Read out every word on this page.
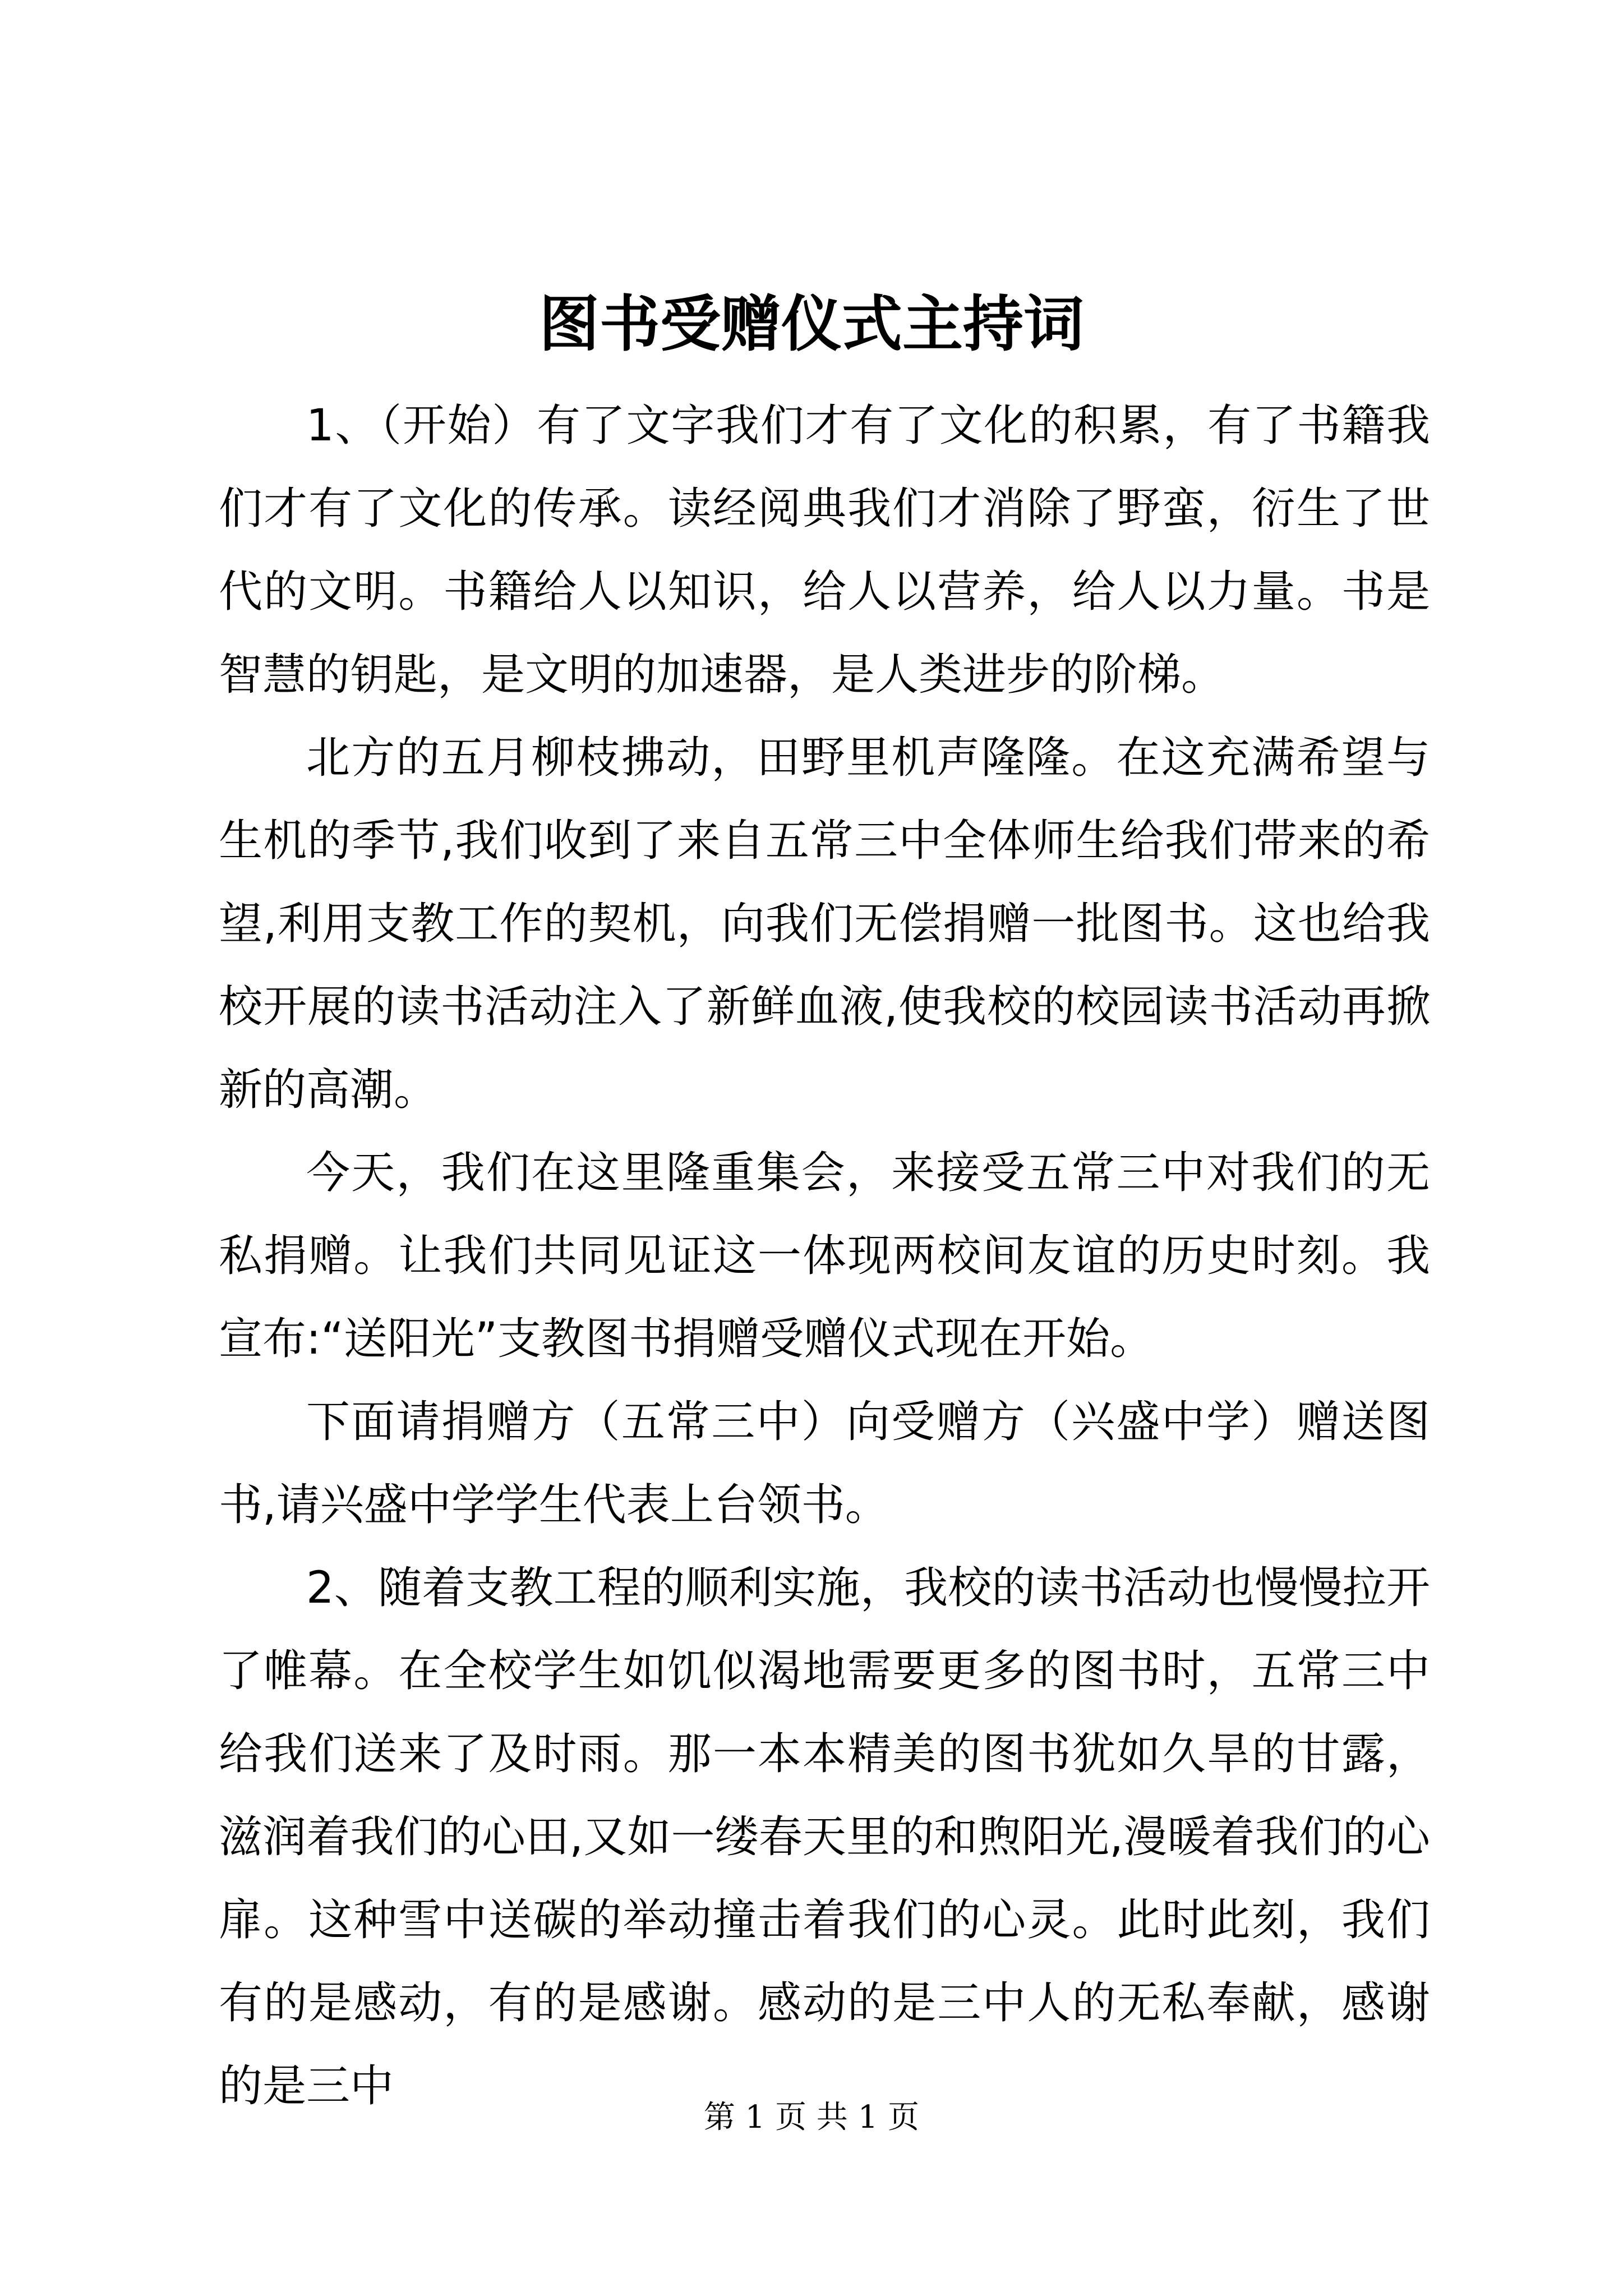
图书受赠仪式主持词

1、（开始）有了文字我们才有了文化的积累，有了书籍我们才有了文化的传承。读经阅典我们才消除了野蛮，衍生了世代的文明。书籍给人以知识，给人以营养，给人以力量。书是智慧的钥匙，是文明的加速器，是人类进步的阶梯。

北方的五月柳枝拂动，田野里机声隆隆。在这充满希望与生机的季节,我们收到了来自五常三中全体师生给我们带来的希望,利用支教工作的契机，向我们无偿捐赠一批图书。这也给我校开展的读书活动注入了新鲜血液,使我校的校园读书活动再掀新的高潮。

今天，我们在这里隆重集会，来接受五常三中对我们的无私捐赠。让我们共同见证这一体现两校间友谊的历史时刻。我宣布:“送阳光”支教图书捐赠受赠仪式现在开始。

下面请捐赠方（五常三中）向受赠方（兴盛中学）赠送图书,请兴盛中学学生代表上台领书。

2、随着支教工程的顺利实施，我校的读书活动也慢慢拉开了帷幕。在全校学生如饥似渴地需要更多的图书时，五常三中给我们送来了及时雨。那一本本精美的图书犹如久旱的甘露，滋润着我们的心田,又如一缕春天里的和煦阳光,漫暖着我们的心扉。这种雪中送碳的举动撞击着我们的心灵。此时此刻，我们有的是感动，有的是感谢。感动的是三中人的无私奉献，感谢的是三中

第 1 页 共 1 页
